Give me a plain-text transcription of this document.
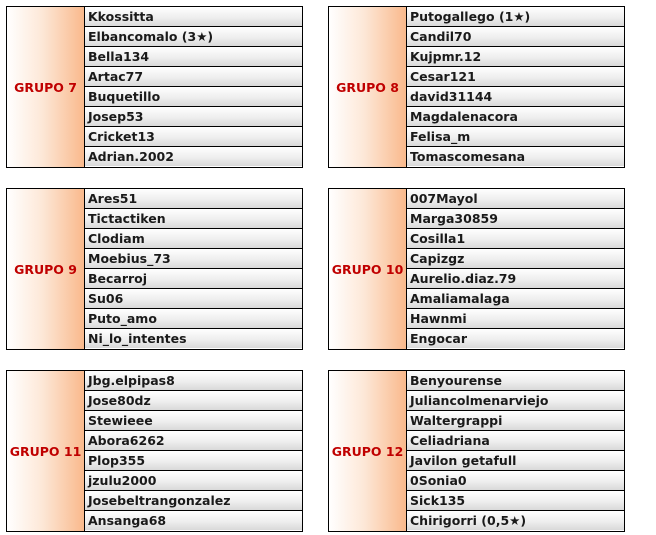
GRUPO 7
Kkossitta
Elbancomalo (3★)
Bella134
Artac77
Buquetillo
Josep53
Cricket13
Adrian.2002
GRUPO 8
Putogallego (1★)
Candil70
Kujpmr.12
Cesar121
david31144
Magdalenacora
Felisa_m
Tomascomesana
GRUPO 9
Ares51
Tictactiken
Clodiam
Moebius_73
Becarroj
Su06
Puto_amo
Ni_lo_intentes
GRUPO 10
007Mayol
Marga30859
Cosilla1
Capizgz
Aurelio.diaz.79
Amaliamalaga
Hawnmi
Engocar
GRUPO 11
Jbg.elpipas8
Jose80dz
Stewieee
Abora6262
Plop355
jzulu2000
Josebeltrangonzalez
Ansanga68
GRUPO 12
Benyourense
Juliancolmenarviejo
Waltergrappi
Celiadriana
Javilon getafull
0Sonia0
Sick135
Chirigorri (0,5★)
